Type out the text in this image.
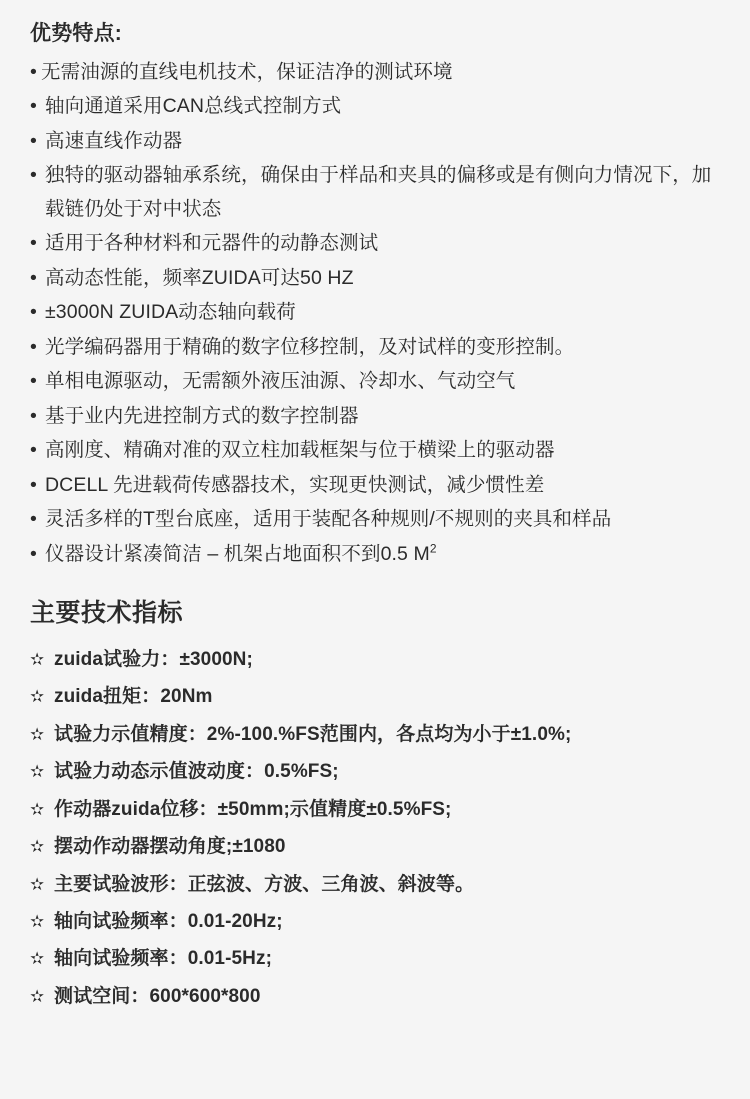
优势特点:
• 无需油源的直线电机技术，保证洁净的测试环境
• 轴向通道采用CAN总线式控制方式
• 高速直线作动器
• 独特的驱动器轴承系统，确保由于样品和夹具的偏移或是有侧向力情况下，加载链仍处于对中状态
• 适用于各种材料和元器件的动静态测试
• 高动态性能，频率ZUIDA可达50 HZ
• ±3000N ZUIDA动态轴向载荷
• 光学编码器用于精确的数字位移控制，及对试样的变形控制。
• 单相电源驱动，无需额外液压油源、冷却水、气动空气
• 基于业内先进控制方式的数字控制器
• 高刚度、精确对准的双立柱加载框架与位于横梁上的驱动器
• DCELL 先进载荷传感器技术，实现更快测试，减少惯性差
• 灵活多样的T型台底座，适用于装配各种规则/不规则的夹具和样品
• 仪器设计紧凑简洁 – 机架占地面积不到0.5 $M^2$
主要技术指标
✫ zuida试验力：±3000N;
✫ zuida扭矩：20Nm
✫ 试验力示值精度：2%-100.%FS范围内，各点均为小于±1.0%;
✫ 试验力动态示值波动度：0.5%FS;
✫ 作动器zuida位移：±50mm;示值精度±0.5%FS;
✫ 摆动作动器摆动角度;±1080
✫ 主要试验波形：正弦波、方波、三角波、斜波等。
✫ 轴向试验频率：0.01-20Hz;
✫ 轴向试验频率：0.01-5Hz;
✫ 测试空间：600*600*800
